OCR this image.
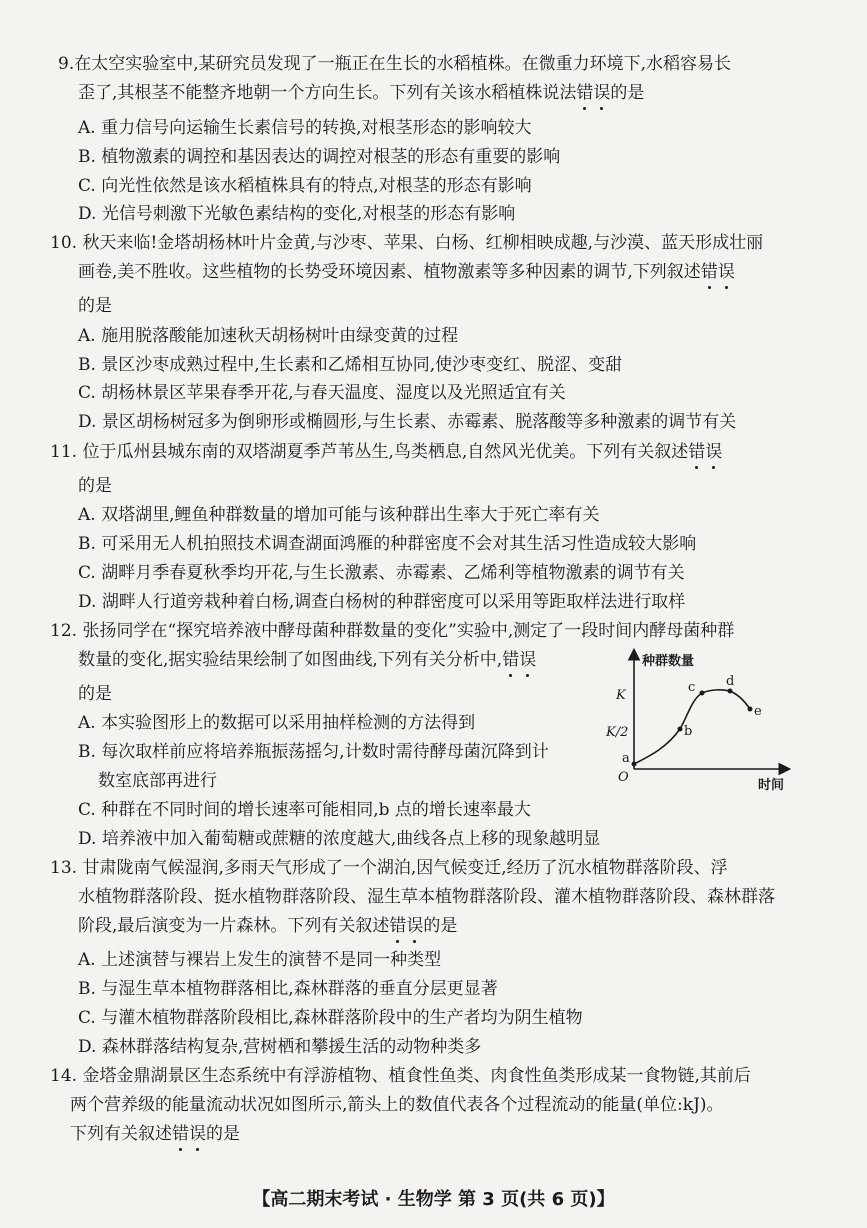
9.在太空实验室中,某研究员发现了一瓶正在生长的水稻植株。在微重力环境下,水稻容易长
歪了,其根茎不能整齐地朝一个方向生长。下列有关该水稻植株说法错误的是
A. 重力信号向运输生长素信号的转换,对根茎形态的影响较大
B. 植物激素的调控和基因表达的调控对根茎的形态有重要的影响
C. 向光性依然是该水稻植株具有的特点,对根茎的形态有影响
D. 光信号刺激下光敏色素结构的变化,对根茎的形态有影响
10. 秋天来临!金塔胡杨林叶片金黄,与沙枣、苹果、白杨、红柳相映成趣,与沙漠、蓝天形成壮丽
画卷,美不胜收。这些植物的长势受环境因素、植物激素等多种因素的调节,下列叙述错误
的是
A. 施用脱落酸能加速秋天胡杨树叶由绿变黄的过程
B. 景区沙枣成熟过程中,生长素和乙烯相互协同,使沙枣变红、脱涩、变甜
C. 胡杨林景区苹果春季开花,与春天温度、湿度以及光照适宜有关
D. 景区胡杨树冠多为倒卵形或椭圆形,与生长素、赤霉素、脱落酸等多种激素的调节有关
11. 位于瓜州县城东南的双塔湖夏季芦苇丛生,鸟类栖息,自然风光优美。下列有关叙述错误
的是
A. 双塔湖里,鲤鱼种群数量的增加可能与该种群出生率大于死亡率有关
B. 可采用无人机拍照技术调查湖面鸿雁的种群密度不会对其生活习性造成较大影响
C. 湖畔月季春夏秋季均开花,与生长激素、赤霉素、乙烯利等植物激素的调节有关
D. 湖畔人行道旁栽种着白杨,调查白杨树的种群密度可以采用等距取样法进行取样
12. 张扬同学在“探究培养液中酵母菌种群数量的变化”实验中,测定了一段时间内酵母菌种群
数量的变化,据实验结果绘制了如图曲线,下列有关分析中,错误
的是
A. 本实验图形上的数据可以采用抽样检测的方法得到
B. 每次取样前应将培养瓶振荡摇匀,计数时需待酵母菌沉降到计
数室底部再进行
C. 种群在不同时间的增长速率可能相同,b 点的增长速率最大
D. 培养液中加入葡萄糖或蔗糖的浓度越大,曲线各点上移的现象越明显
种群数量
时间
O
K
K/2
a
b
c d
e
13. 甘肃陇南气候湿润,多雨天气形成了一个湖泊,因气候变迁,经历了沉水植物群落阶段、浮
水植物群落阶段、挺水植物群落阶段、湿生草本植物群落阶段、灌木植物群落阶段、森林群落
阶段,最后演变为一片森林。下列有关叙述错误的是
A. 上述演替与裸岩上发生的演替不是同一种类型
B. 与湿生草本植物群落相比,森林群落的垂直分层更显著
C. 与灌木植物群落阶段相比,森林群落阶段中的生产者均为阴生植物
D. 森林群落结构复杂,营树栖和攀援生活的动物种类多
14. 金塔金鼎湖景区生态系统中有浮游植物、植食性鱼类、肉食性鱼类形成某一食物链,其前后
两个营养级的能量流动状况如图所示,箭头上的数值代表各个过程流动的能量(单位:kJ)。
下列有关叙述错误的是
【高二期末考试 · 生物学 第 3 页(共 6 页)】
